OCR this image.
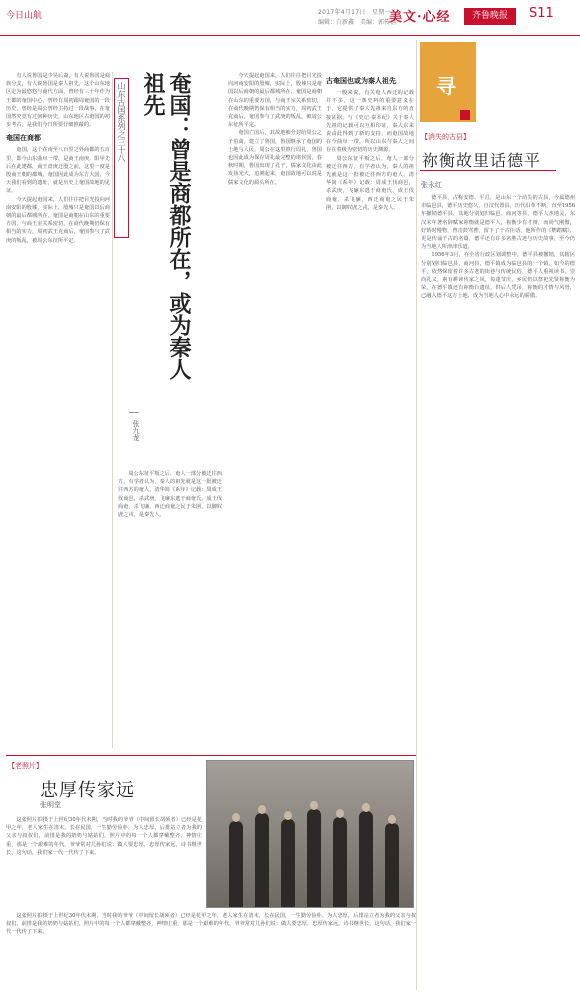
今日山航	2017年4月17日　星期一
编辑：白新鑫　美编：郭传禧
美文·心经	齐鲁晚报	S11

有人说鲁国是少昊后裔，有人说鲁国是商族分支，有人说鲁国是秦人祖先，这个山东地区定为最悠悠与商代方面，曾经有三十年作为王都的奄国中心，曾经有周初跟周奄国的一段历史，曾经是周公曾经主持过一段战事，在奄国然究竟有过何种历史，山东地区古奄国的初步考古，是我们今日所要仔细推敲的。

奄国在商都

奄国，这个在南至八百里之外商都的五百里，即今山东曲阜一带，是商王南庚、阳甲先后在此建都，商王盘庚迁殷之前，这里一度是殷商王朝的都城，奄国因此成为东方大国，今天我们看到的遗址，就是历史上奄国故地的见证。

今天提起奄国来，人们往往把目光投向河南安阳的殷墟，实际上，殷墟只是奄国以后商朝的最后都城所在，奄国是商朝在山东的重要方国，与商王室关系密切，在商代晚期仍保有相当的实力，周初武王克商后，奄国参与了武庚的叛乱，被周公东征所平定。

山东古国系列之三十八	奄国：曾是商都所在，或为秦人祖先
张九龙

周公东征平叛之后，奄人一部分被迁往西方，有学者认为，秦人的祖先就是这一批被迁往西方的奄人，清华简《系年》记载：周成王伐商邑，杀武庚，飞廉东逃于商奄氏，成王伐商奄，杀飞廉，西迁商奄之民于朱圉，以御奴虘之戎，是秦先人。

今天提起奄国来，人们往往把目光投向河南安阳的殷墟，实际上，殷墟只是奄国以后商朝的最后都城所在，奄国是商朝在山东的重要方国，与商王室关系密切，在商代晚期仍保有相当的实力，周初武王克商后，奄国参与了武庚的叛乱，被周公东征所平定。

奄国亡国后，其故地被分封给周公之子伯禽，建立了鲁国，鲁国继承了奄国的土地与人民，周公在这里推行周礼，鲁国也因此成为保存周礼最完整的诸侯国，春秋时期，鲁国出现了孔子，儒家文化由此发扬光大，追溯起来，奄国故地可以说是儒家文化的源头所在。

古奄国也或为秦人祖先

一般来说，有关奄人西迁的记载并不多，这一条史料的重要意义在于，它提供了秦人先祖来自东方的直接证据，与《史记·秦本纪》关于秦人先祖的记载可以互相印证，秦人东来说由此得到了新的支持，而奄国故地在今曲阜一带，所以山东与秦人之间存在着极为密切的历史渊源。

周公东征平叛之后，奄人一部分被迁往西方，有学者认为，秦人的祖先就是这一批被迁往西方的奄人，清华简《系年》记载：周成王伐商邑，杀武庚，飞廉东逃于商奄氏，成王伐商奄，杀飞廉，西迁商奄之民于朱圉，以御奴虘之戎，是秦先人。

寻
【消失的古县】
祢衡故里话德平
张永红

德平县，古称安德、平昌，是山东一个消失的古县，今属德州市临邑县，德平历史悠久，自汉代置县，历代沿革不断，直至1956年撤销德平县，其地分别划归临邑、商河等县，德平人杰地灵，东汉末年著名辞赋家祢衡就是德平人，祢衡少有才辩，而尚气刚傲，好矫时慢物，曾击鼓骂曹，留下了千古佳话，他所作的《鹦鹉赋》，更是传诵千古的名篇，德平还有许多名胜古迹与历史故事，至今仍为当地人所津津乐道。

1956年3月，在全省行政区划调整中，德平县被撤销，其辖区分别划归临邑县、商河县，德平镇成为临邑县的一个镇，如今的德平，依然保留着许多古老的街巷与传统民俗，德平人重视读书，崇尚礼义，素有耕读传家之风，每逢节庆，乡民仍以祭祀先贤祢衡为荣，在德平镇还有祢衡台遗址，供后人凭吊，祢衡的才情与风骨，已融入德平这方土地，成为当地人心中永远的骄傲。

【老照片】
忠厚传家远
张明堂

这张照片拍摄于上世纪30年代末期，当时我的爷爷（中间留长胡须者）已经是花甲之年，老人家生在清末，长在民国，一生勤劳俭朴、为人忠厚，后排站立者为我的父亲与叔叔们，前排是我的奶奶与姑姑们，照片中的每一个人都穿戴整齐，神情庄重，那是一个艰难的年代，爷爷常对儿孙们说：做人要忠厚，忠厚传家远，诗书继世长，这句话，我们家一代一代传了下来。

这张照片拍摄于上世纪30年代末期，当时我的爷爷（中间留长胡须者）已经是花甲之年，老人家生在清末，长在民国，一生勤劳俭朴、为人忠厚，后排站立者为我的父亲与叔叔们，前排是我的奶奶与姑姑们，照片中的每一个人都穿戴整齐，神情庄重，那是一个艰难的年代，爷爷常对儿孙们说：做人要忠厚，忠厚传家远，诗书继世长，这句话，我们家一代一代传了下来。
